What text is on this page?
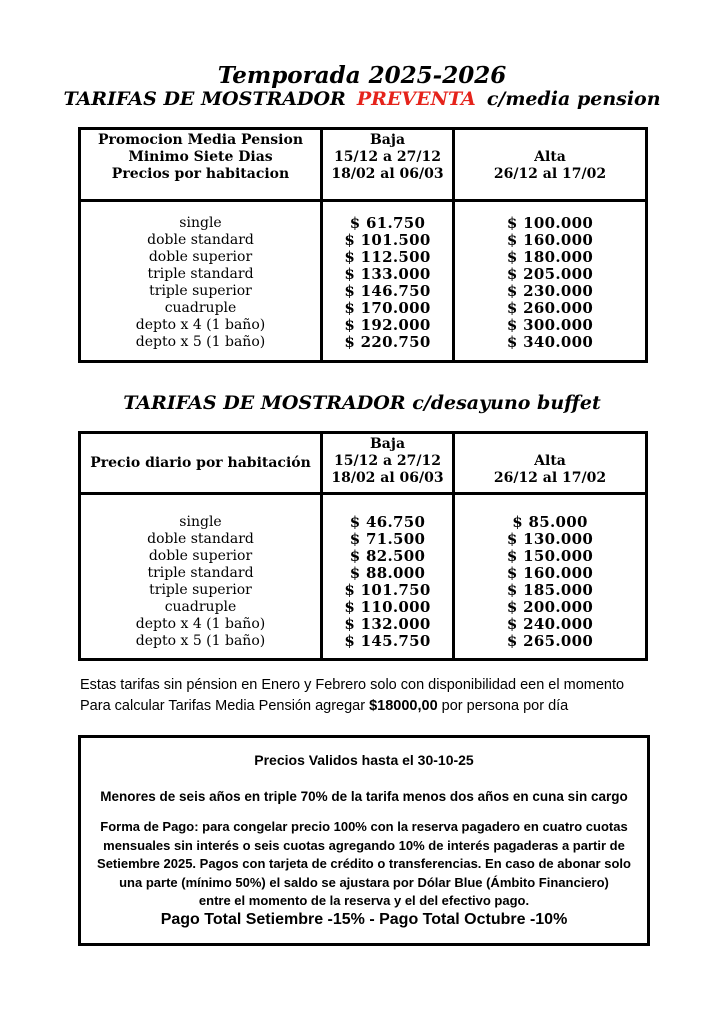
Temporada 2025-2026
TARIFAS DE MOSTRADOR PREVENTA c/media pension
Promocion Media Pension
Minimo Siete Dias
Precios por habitacion
Baja
15/12 a 27/12
18/02 al 06/03
Alta
26/12 al 17/02
single
doble standard
doble superior
triple standard
triple superior
cuadruple
depto x 4 (1 baño)
depto x 5 (1 baño)
$ 61.750
$ 101.500
$ 112.500
$ 133.000
$ 146.750
$ 170.000
$ 192.000
$ 220.750
$ 100.000
$ 160.000
$ 180.000
$ 205.000
$ 230.000
$ 260.000
$ 300.000
$ 340.000
TARIFAS DE MOSTRADOR c/desayuno buffet
Precio diario por habitación
Baja
15/12 a 27/12
18/02 al 06/03
Alta
26/12 al 17/02
single
doble standard
doble superior
triple standard
triple superior
cuadruple
depto x 4 (1 baño)
depto x 5 (1 baño)
$ 46.750
$ 71.500
$ 82.500
$ 88.000
$ 101.750
$ 110.000
$ 132.000
$ 145.750
$ 85.000
$ 130.000
$ 150.000
$ 160.000
$ 185.000
$ 200.000
$ 240.000
$ 265.000
Estas tarifas sin pénsion en Enero y Febrero solo con disponibilidad een el momento
Para calcular Tarifas Media Pensión agregar $18000,00 por persona por día
Precios Validos hasta el 30-10-25
Menores de seis años en triple 70% de la tarifa menos dos años en cuna sin cargo
Forma de Pago: para congelar precio 100% con la reserva pagadero en cuatro cuotas
mensuales sin interés o seis cuotas agregando 10% de interés pagaderas a partir de
Setiembre 2025. Pagos con tarjeta de crédito o transferencias. En caso de abonar solo
una parte (mínimo 50%) el saldo se ajustara por Dólar Blue (Ámbito Financiero)
entre el momento de la reserva y el del efectivo pago.
Pago Total Setiembre -15% - Pago Total Octubre -10%
